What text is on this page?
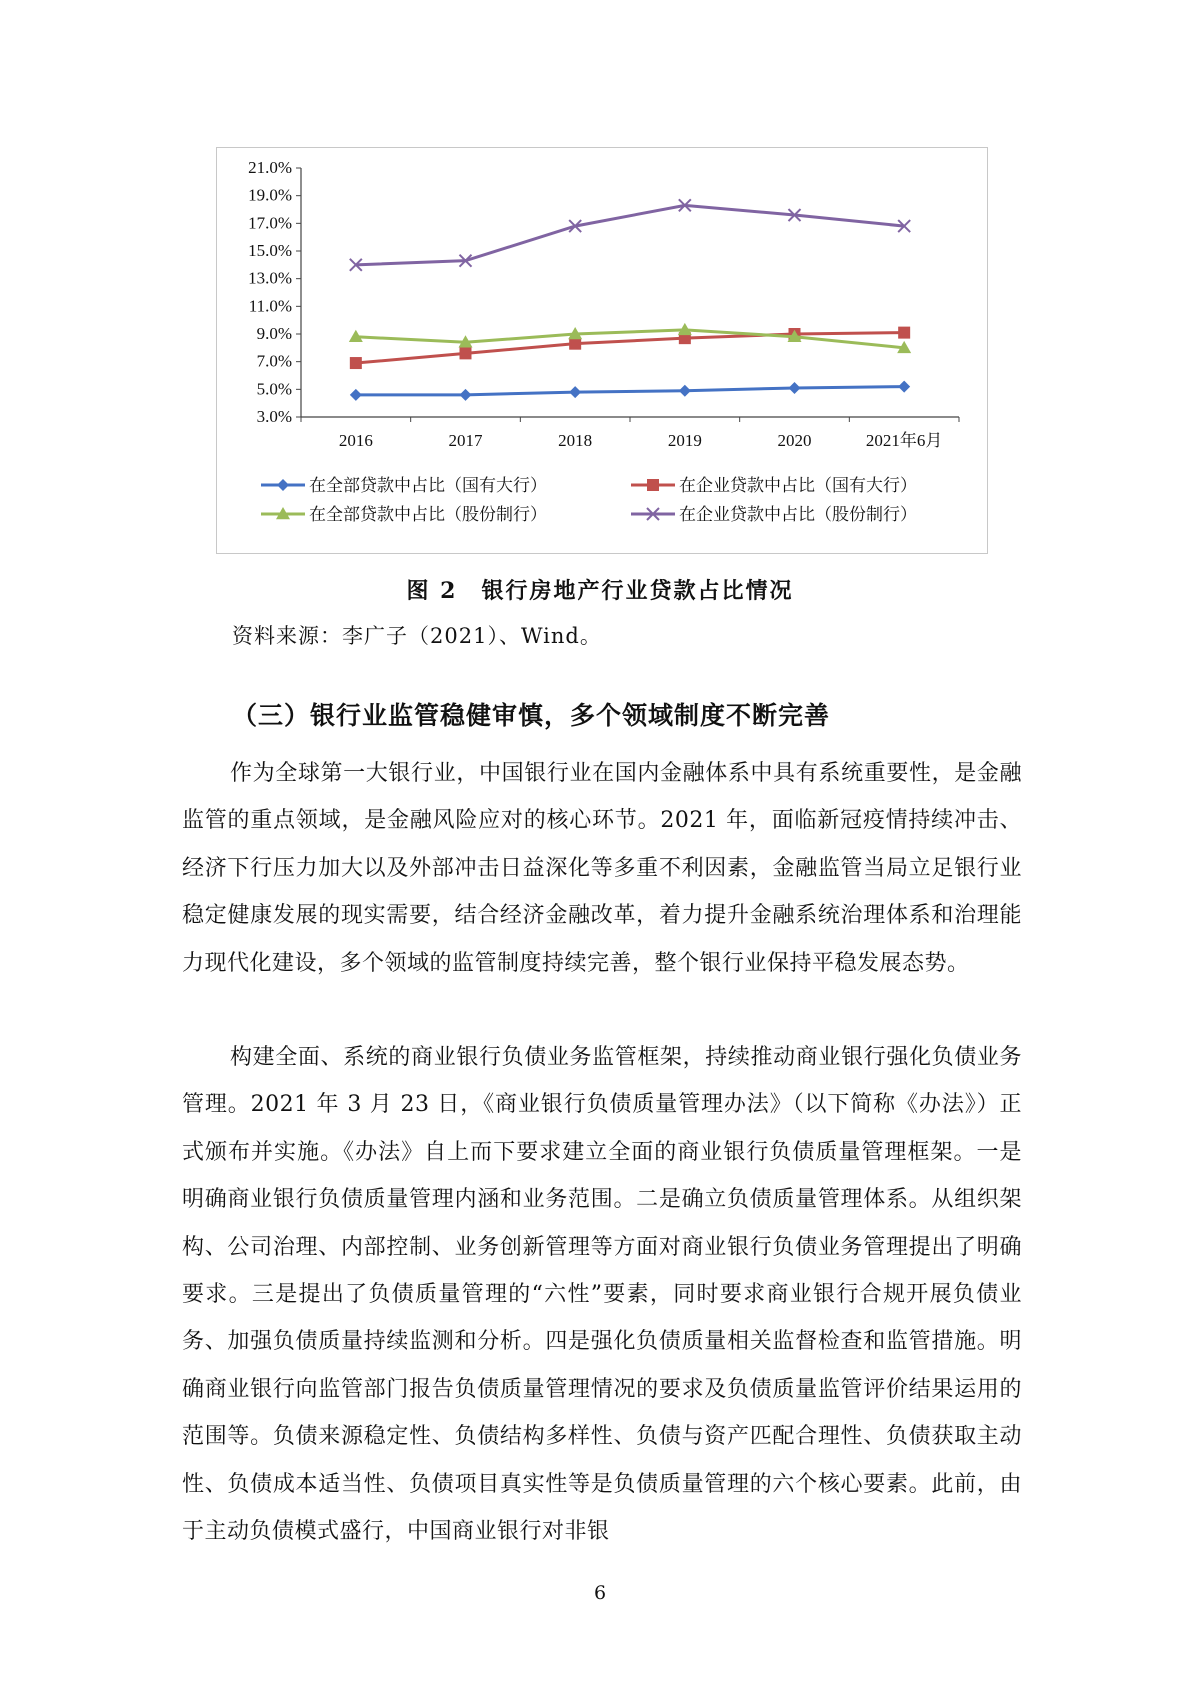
21.0%
19.0%
17.0%
15.0%
13.0%
11.0%
9.0%
7.0%
5.0%
3.0%
2016	2017	2018	2019	2020	2021年6月
在全部贷款中占比（国有大行）	在企业贷款中占比（国有大行）
在全部贷款中占比（股份制行）	在企业贷款中占比（股份制行）
图 2　银行房地产行业贷款占比情况
资料来源：李广子（2021）、Wind。
（三）银行业监管稳健审慎，多个领域制度不断完善

作为全球第一大银行业，中国银行业在国内金融体系中具有系统重要性，是金融监管的重点领域，是金融风险应对的核心环节。2021 年，面临新冠疫情持续冲击、经济下行压力加大以及外部冲击日益深化等多重不利因素，金融监管当局立足银行业稳定健康发展的现实需要，结合经济金融改革，着力提升金融系统治理体系和治理能力现代化建设，多个领域的监管制度持续完善，整个银行业保持平稳发展态势。

构建全面、系统的商业银行负债业务监管框架，持续推动商业银行强化负债业务管理。2021 年 3 月 23 日，《商业银行负债质量管理办法》（以下简称《办法》）正式颁布并实施。《办法》自上而下要求建立全面的商业银行负债质量管理框架。一是明确商业银行负债质量管理内涵和业务范围。二是确立负债质量管理体系。从组织架构、公司治理、内部控制、业务创新管理等方面对商业银行负债业务管理提出了明确要求。三是提出了负债质量管理的“六性”要素，同时要求商业银行合规开展负债业务、加强负债质量持续监测和分析。四是强化负债质量相关监督检查和监管措施。明确商业银行向监管部门报告负债质量管理情况的要求及负债质量监管评价结果运用的范围等。负债来源稳定性、负债结构多样性、负债与资产匹配合理性、负债获取主动性、负债成本适当性、负债项目真实性等是负债质量管理的六个核心要素。此前，由于主动负债模式盛行，中国商业银行对非银

6
